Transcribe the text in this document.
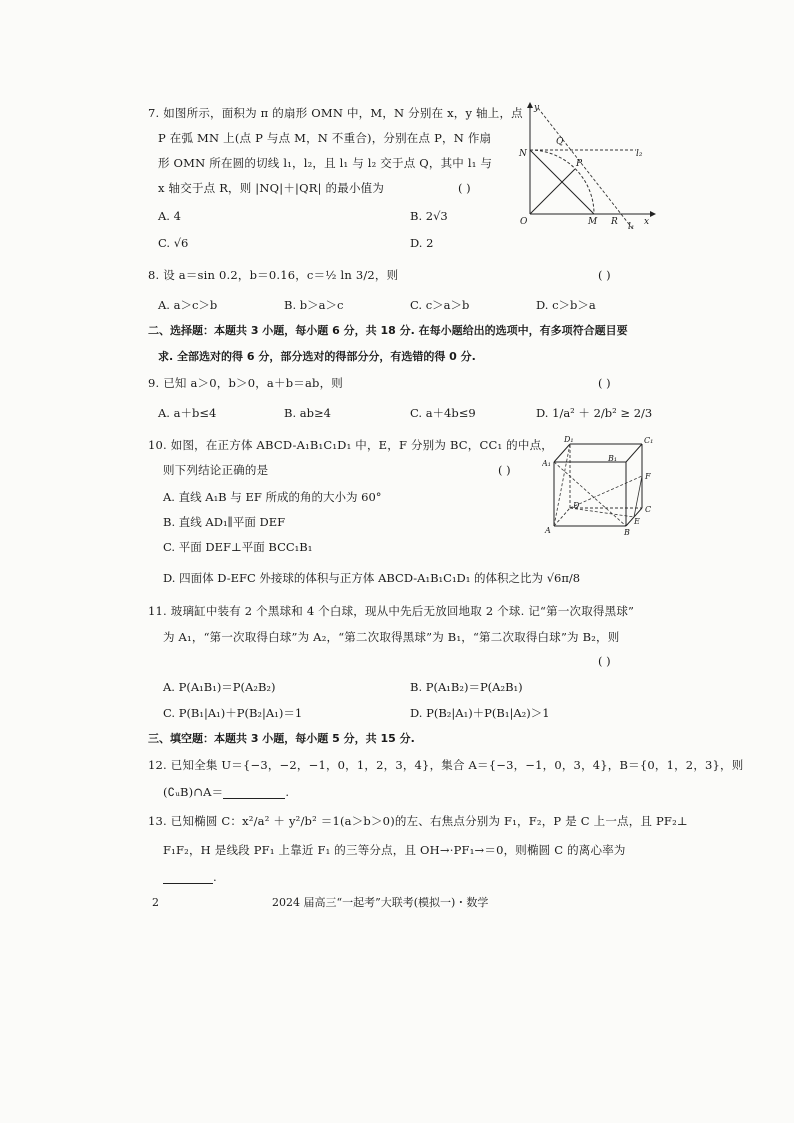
7. 如图所示，面积为 π 的扇形 OMN 中，M，N 分别在 x，y 轴上，点
P 在弧 MN 上(点 P 与点 M，N 不重合)，分别在点 P，N 作扇
形 OMN 所在圆的切线 l₁，l₂，且 l₁ 与 l₂ 交于点 Q，其中 l₁ 与
x 轴交于点 R，则 |NQ|＋|QR| 的最小值为	( )
A. 4	B. 2√3
C. √6	D. 2
y
x
O	M
N
P
Q
R
l₂
l₁
8. 设 a＝sin 0.2，b＝0.16，c＝½ ln 3/2，则	( )
A. a＞c＞b	B. b＞a＞c	C. c＞a＞b	D. c＞b＞a
二、选择题：本题共 3 小题，每小题 6 分，共 18 分. 在每小题给出的选项中，有多项符合题目要
求. 全部选对的得 6 分，部分选对的得部分分，有选错的得 0 分.
9. 已知 a＞0，b＞0，a＋b＝ab，则	( )
A. a＋b≤4	B. ab≥4	C. a＋4b≤9	D. 1/a² ＋ 2/b² ≥ 2/3
10. 如图，在正方体 ABCD-A₁B₁C₁D₁ 中，E，F 分别为 BC，CC₁ 的中点，
则下列结论正确的是	( )
A. 直线 A₁B 与 EF 所成的角的大小为 60°
B. 直线 AD₁∥平面 DEF
C. 平面 DEF⊥平面 BCC₁B₁
D. 四面体 D-EFC 外接球的体积与正方体 ABCD-A₁B₁C₁D₁ 的体积之比为 √6π/8
D₁	C₁
A₁
B₁
F
D	C
E
A	B
11. 玻璃缸中装有 2 个黑球和 4 个白球，现从中先后无放回地取 2 个球. 记“第一次取得黑球”
为 A₁，“第一次取得白球”为 A₂，“第二次取得黑球”为 B₁，“第二次取得白球”为 B₂，则
( )
A. P(A₁B₁)＝P(A₂B₂)	B. P(A₁B₂)＝P(A₂B₁)
C. P(B₁|A₁)＋P(B₂|A₁)＝1	D. P(B₂|A₁)＋P(B₁|A₂)＞1
三、填空题：本题共 3 小题，每小题 5 分，共 15 分.
12. 已知全集 U＝{−3，−2，−1，0，1，2，3，4}，集合 A＝{−3，−1，0，3，4}，B＝{0，1，2，3}，则
(∁ᵤB)∩A＝	.
13. 已知椭圆 C：x²/a² ＋ y²/b² ＝1(a＞b＞0)的左、右焦点分别为 F₁，F₂，P 是 C 上一点，且 PF₂⊥
F₁F₂，H 是线段 PF₁ 上靠近 F₁ 的三等分点，且 OH→·PF₁→＝0，则椭圆 C 的离心率为
.
2	2024 届高三“一起考”大联考(模拟一)・数学
